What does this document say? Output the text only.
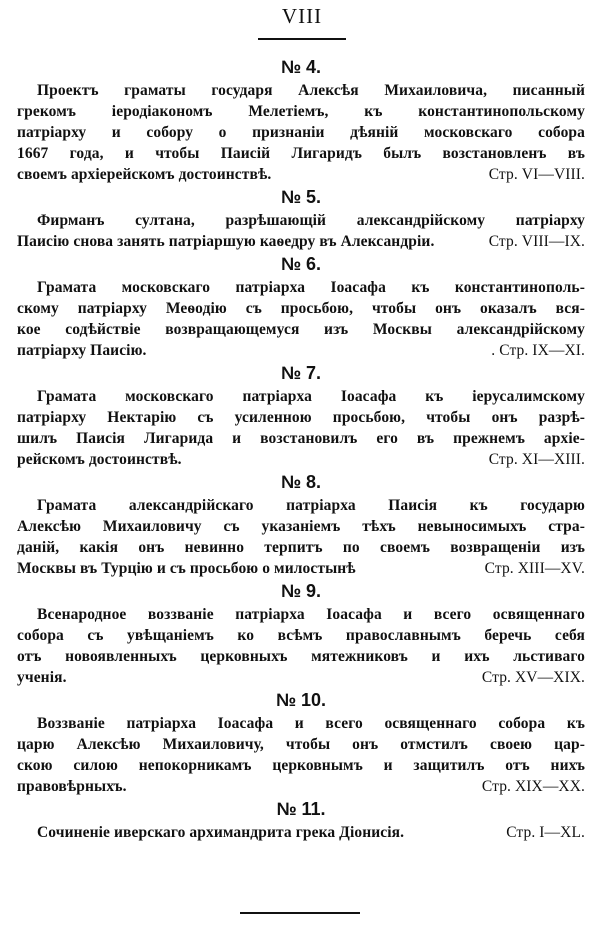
VIII
№ 4.
Проектъ граматы государя Алексѣя Михаиловича, писанный
грекомъ іеродіакономъ Мелетіемъ, къ константинопольскому
патріарху и собору о признаніи дѣяній московскаго собора
1667 года, и чтобы Паисій Лигаридъ былъ возстановленъ въ
своемъ архіерейскомъ достоинствѣ.	Стр. VI—VIII.
№ 5.
Фирманъ султана, разрѣшающій александрійскому патріарху
Паисію снова занять патріаршую каѳедру въ Александріи.	Стр. VIII—IX.
№ 6.
Грамата московскаго патріарха Іоасафа къ константинополь-
скому патріарху Меѳодію съ просьбою, чтобы онъ оказалъ вся-
кое содѣйствіе возвращающемуся изъ Москвы александрійскому
патріарху Паисію.	. Стр. IX—XI.
№ 7.
Грамата московскаго патріарха Іоасафа къ іерусалимскому
патріарху Нектарію съ усиленною просьбою, чтобы онъ разрѣ-
шилъ Паисія Лигарида и возстановилъ его въ прежнемъ архіе-
рейскомъ достоинствѣ.	Стр. XI—XIII.
№ 8.
Грамата александрійскаго патріарха Паисія къ государю
Алексѣю Михаиловичу съ указаніемъ тѣхъ невыносимыхъ стра-
даній, какія онъ невинно терпитъ по своемъ возвращеніи изъ
Москвы въ Турцію и съ просьбою о милостынѣ	Стр. XIII—XV.
№ 9.
Всенародное воззваніе патріарха Іоасафа и всего освященнаго
собора съ увѣщаніемъ ко всѣмъ православнымъ беречь себя
отъ новоявленныхъ церковныхъ мятежниковъ и ихъ льстиваго
ученія.	Стр. XV—XIX.
№ 10.
Воззваніе патріарха Іоасафа и всего освященнаго собора къ
царю Алексѣю Михаиловичу, чтобы онъ отмстилъ своею цар-
скою силою непокорникамъ церковнымъ и защитилъ отъ нихъ
правовѣрныхъ.	Стр. XIX—XX.
№ 11.
Сочиненіе иверскаго архимандрита грека Діонисія.	Стр. I—XL.
